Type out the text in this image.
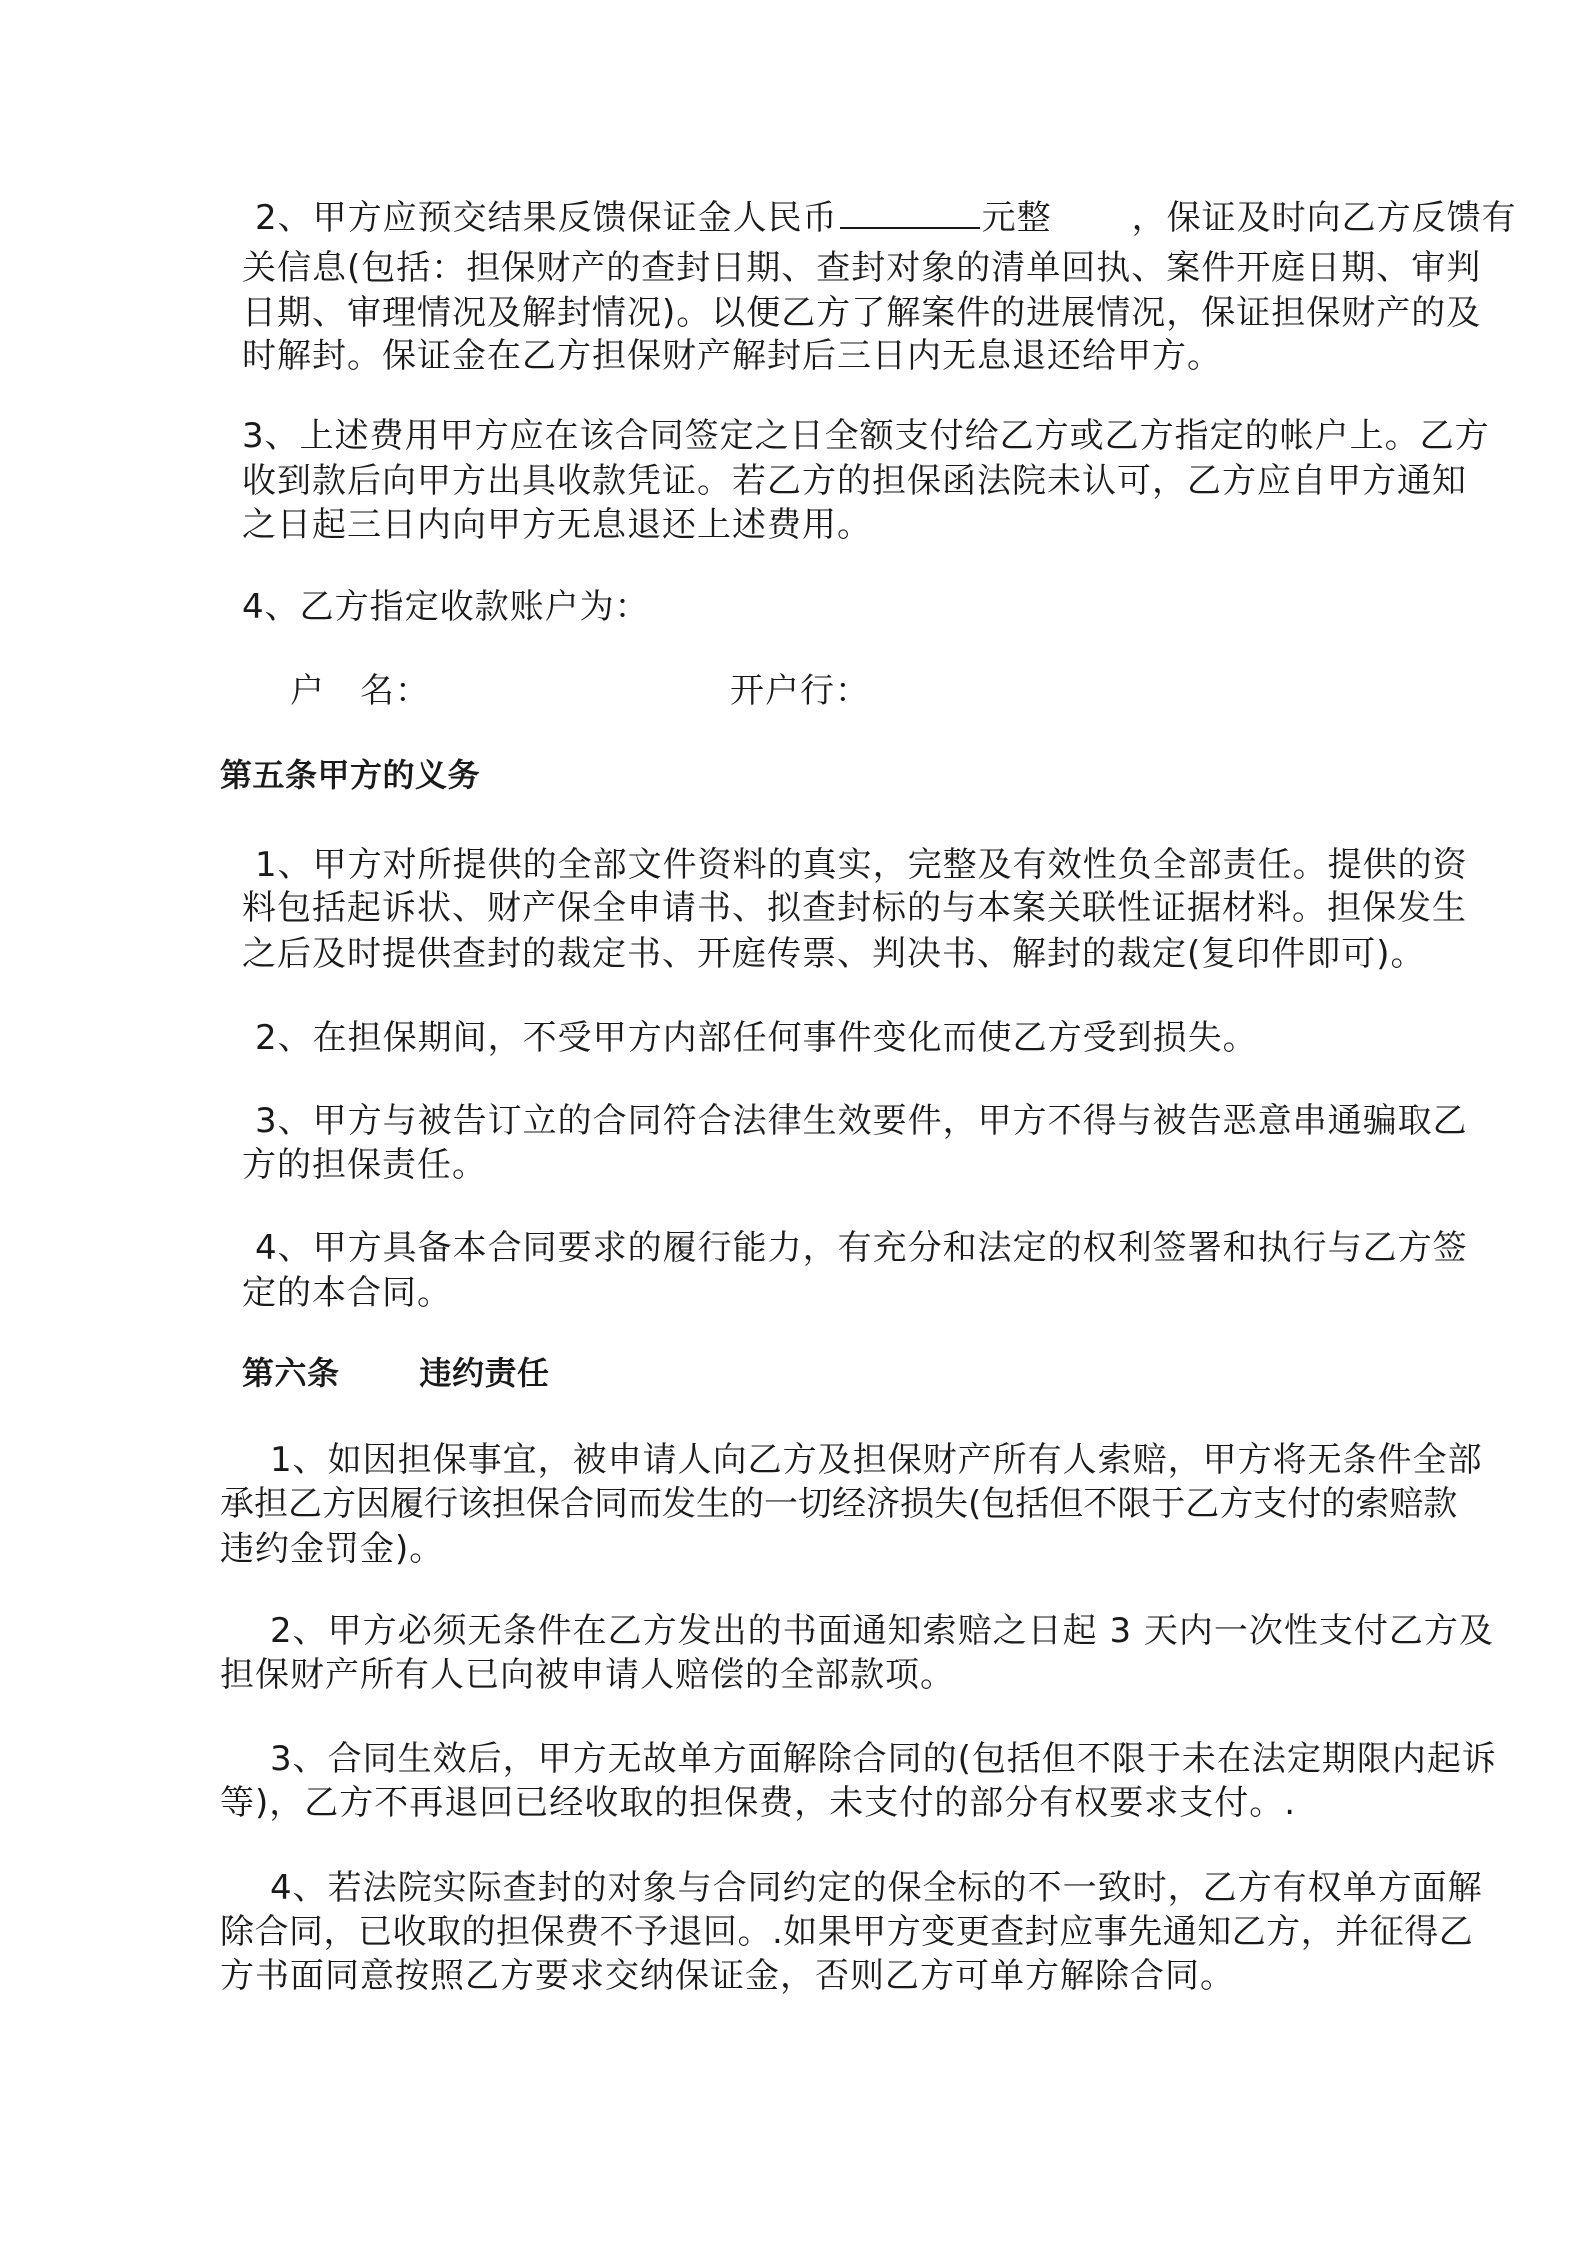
2、甲方应预交结果反馈保证金人民币	元整 ，保证及时向乙方反馈有
关信息(包括：担保财产的查封日期、查封对象的清单回执、案件开庭日期、审判
日期、审理情况及解封情况)。以便乙方了解案件的进展情况，保证担保财产的及
时解封。保证金在乙方担保财产解封后三日内无息退还给甲方。
3、上述费用甲方应在该合同签定之日全额支付给乙方或乙方指定的帐户上。乙方
收到款后向甲方出具收款凭证。若乙方的担保函法院未认可，乙方应自甲方通知
之日起三日内向甲方无息退还上述费用。
4、乙方指定收款账户为：
户　名：	开户行：
第五条甲方的义务
1、甲方对所提供的全部文件资料的真实，完整及有效性负全部责任。提供的资
料包括起诉状、财产保全申请书、拟查封标的与本案关联性证据材料。担保发生
之后及时提供查封的裁定书、开庭传票、判决书、解封的裁定(复印件即可)。
2、在担保期间，不受甲方内部任何事件变化而使乙方受到损失。
3、甲方与被告订立的合同符合法律生效要件，甲方不得与被告恶意串通骗取乙
方的担保责任。
4、甲方具备本合同要求的履行能力，有充分和法定的权利签署和执行与乙方签
定的本合同。
第六条	违约责任
1、如因担保事宜，被申请人向乙方及担保财产所有人索赔，甲方将无条件全部
承担乙方因履行该担保合同而发生的一切经济损失(包括但不限于乙方支付的索赔款
违约金罚金)。
2、甲方必须无条件在乙方发出的书面通知索赔之日起 3 天内一次性支付乙方及
担保财产所有人已向被申请人赔偿的全部款项。
3、合同生效后，甲方无故单方面解除合同的(包括但不限于未在法定期限内起诉
等)，乙方不再退回已经收取的担保费，未支付的部分有权要求支付。.
4、若法院实际查封的对象与合同约定的保全标的不一致时，乙方有权单方面解
除合同，已收取的担保费不予退回。.如果甲方变更查封应事先通知乙方，并征得乙
方书面同意按照乙方要求交纳保证金，否则乙方可单方解除合同。
